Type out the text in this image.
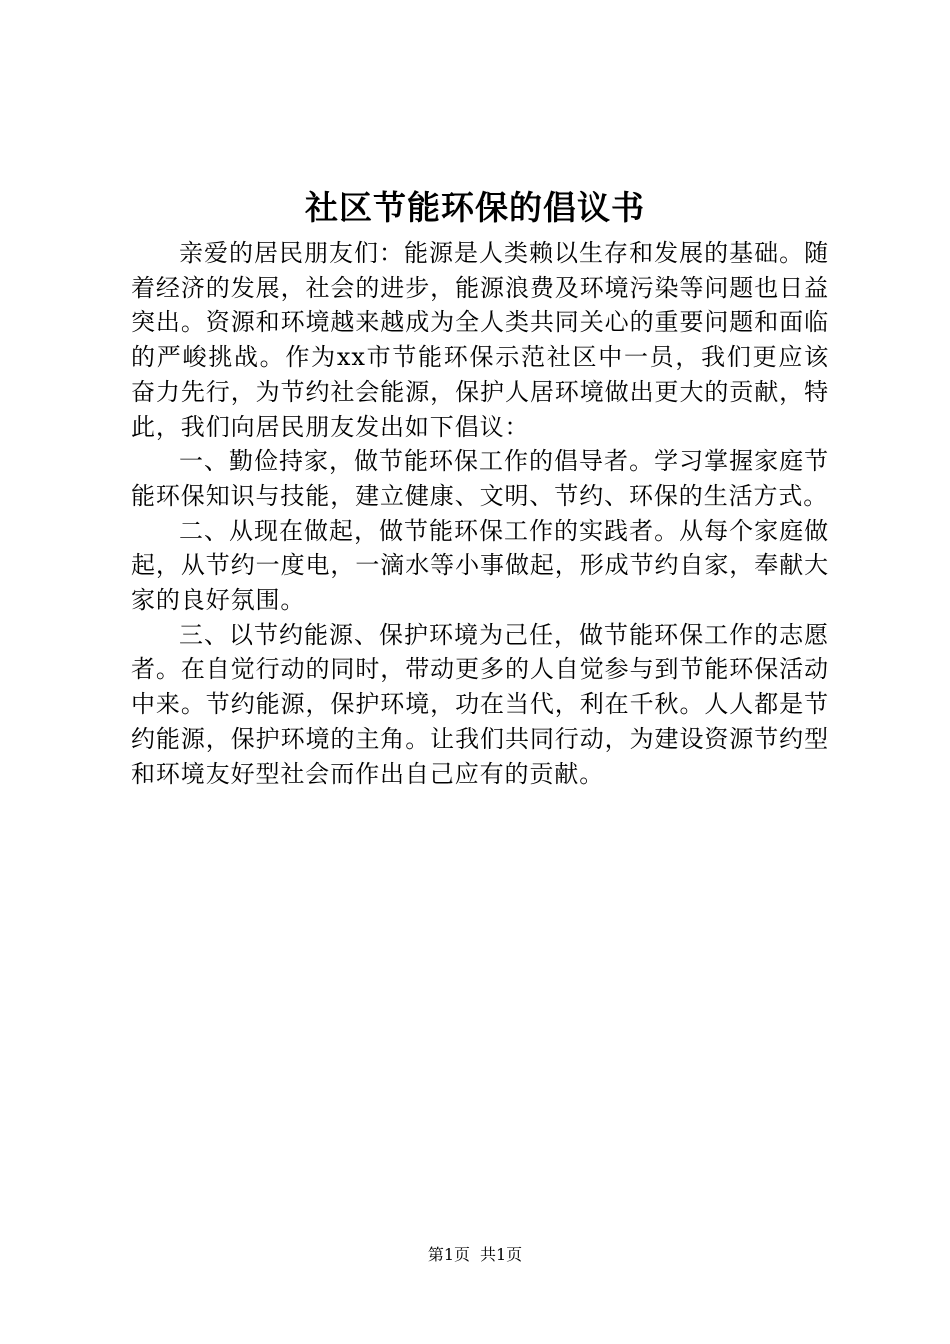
社区节能环保的倡议书

亲爱的居民朋友们：能源是人类赖以生存和发展的基础。随着经济的发展，社会的进步，能源浪费及环境污染等问题也日益突出。资源和环境越来越成为全人类共同关心的重要问题和面临的严峻挑战。作为xx市节能环保示范社区中一员，我们更应该奋力先行，为节约社会能源，保护人居环境做出更大的贡献，特此，我们向居民朋友发出如下倡议：

一、勤俭持家，做节能环保工作的倡导者。学习掌握家庭节能环保知识与技能，建立健康、文明、节约、环保的生活方式。

二、从现在做起，做节能环保工作的实践者。从每个家庭做起，从节约一度电，一滴水等小事做起，形成节约自家，奉献大家的良好氛围。

三、以节约能源、保护环境为己任，做节能环保工作的志愿者。在自觉行动的同时，带动更多的人自觉参与到节能环保活动中来。节约能源，保护环境，功在当代，利在千秋。人人都是节约能源，保护环境的主角。让我们共同行动，为建设资源节约型和环境友好型社会而作出自己应有的贡献。

第1页 共1页
